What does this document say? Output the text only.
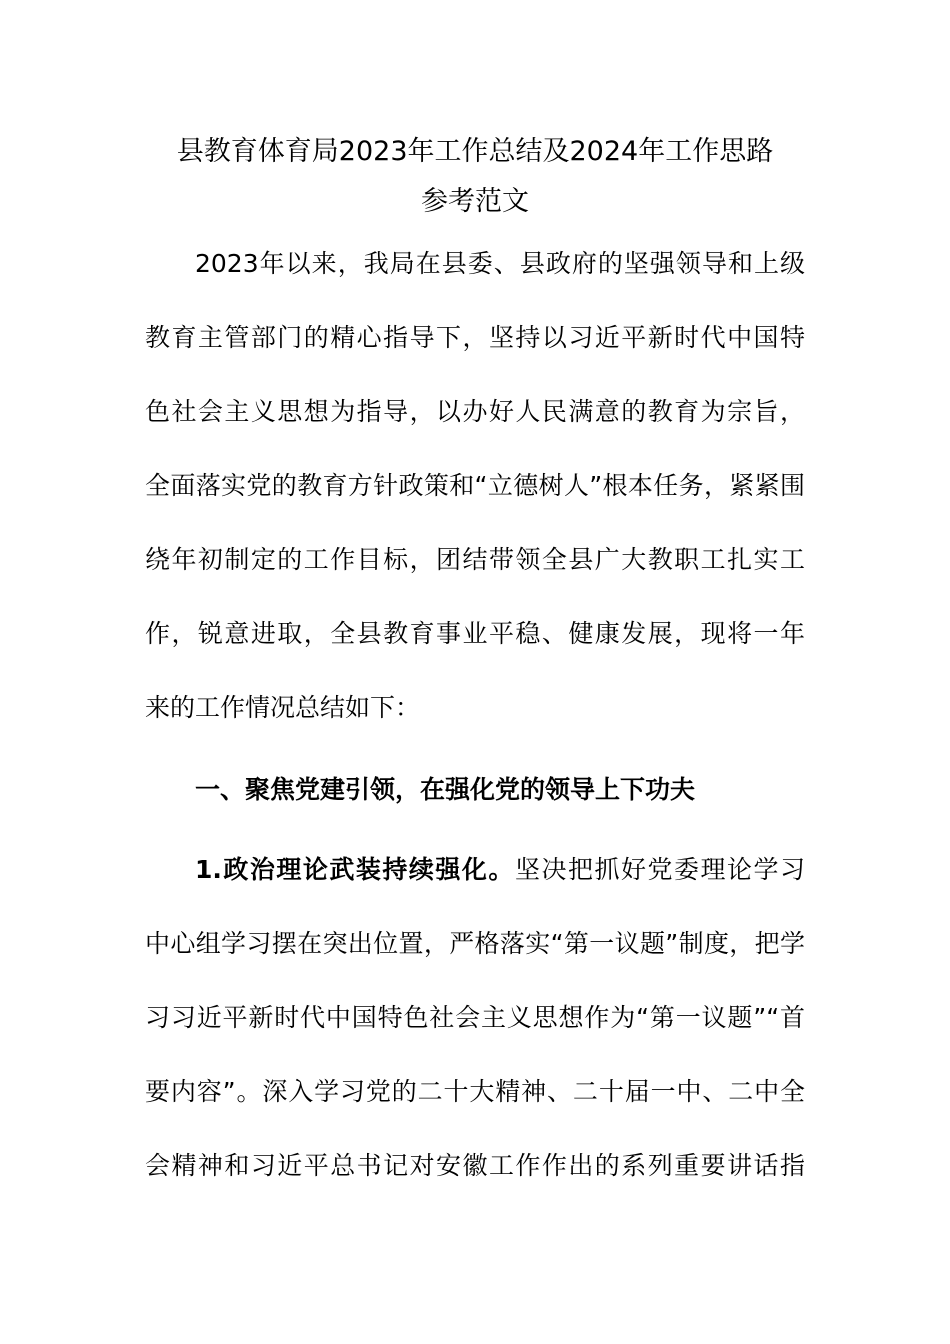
县教育体育局2023年工作总结及2024年工作思路
参考范文

2023年以来，我局在县委、县政府的坚强领导和上级

教育主管部门的精心指导下，坚持以习近平新时代中国特

色社会主义思想为指导，以办好人民满意的教育为宗旨，

全面落实党的教育方针政策和“立德树人”根本任务，紧紧围

绕年初制定的工作目标，团结带领全县广大教职工扎实工

作，锐意进取，全县教育事业平稳、健康发展，现将一年

来的工作情况总结如下：

一、聚焦党建引领，在强化党的领导上下功夫

1.政治理论武装持续强化。坚决把抓好党委理论学习

中心组学习摆在突出位置，严格落实“第一议题”制度，把学

习习近平新时代中国特色社会主义思想作为“第一议题”“首

要内容”。深入学习党的二十大精神、二十届一中、二中全

会精神和习近平总书记对安徽工作作出的系列重要讲话指
